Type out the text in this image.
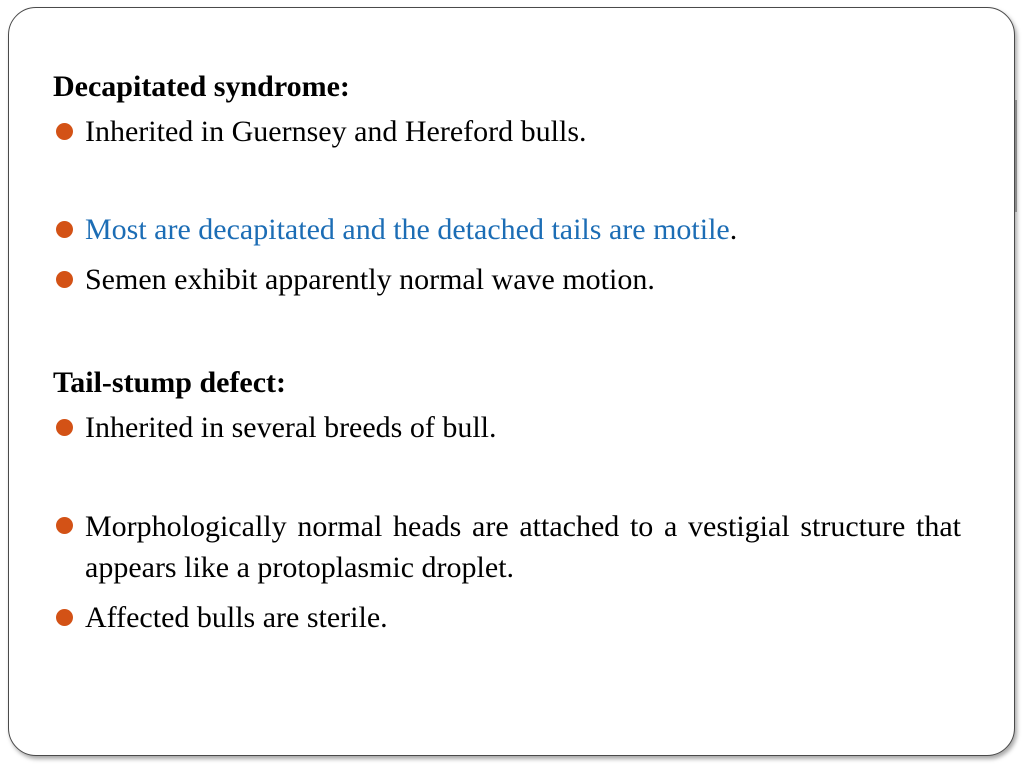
Decapitated syndrome:

Inherited in Guernsey and Hereford bulls.

Most are decapitated and the detached tails are motile.

Semen exhibit apparently normal wave motion.

Tail-stump defect:

Inherited in several breeds of bull.

Morphologically normal heads are attached to a vestigial structure that appears like a protoplasmic droplet.

Affected bulls are sterile.
